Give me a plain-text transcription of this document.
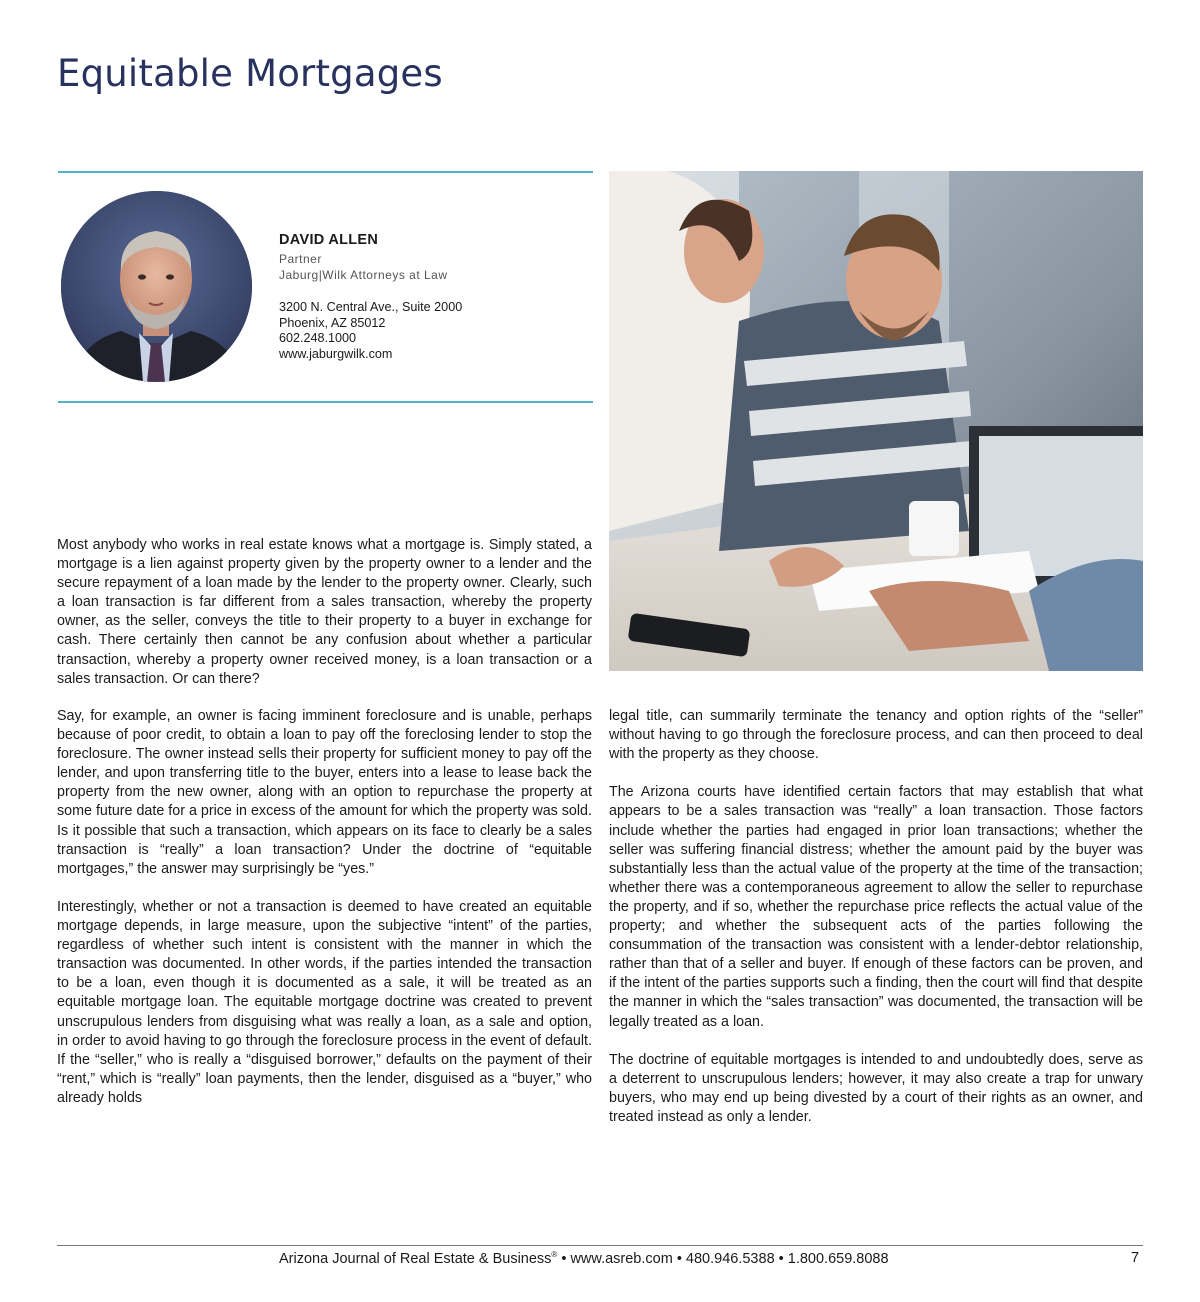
Equitable Mortgages
DAVID ALLEN
Partner
Jaburg|Wilk Attorneys at Law
3200 N. Central Ave., Suite 2000
Phoenix, AZ 85012
602.248.1000
www.jaburgwilk.com

Most anybody who works in real estate knows what a mortgage is. Simply stated, a mortgage is a lien against property given by the property owner to a lender and the secure repayment of a loan made by the lender to the property owner. Clearly, such a loan transaction is far different from a sales transaction, whereby the property owner, as the seller, conveys the title to their property to a buyer in exchange for cash. There certainly then cannot be any confusion about whether a particular transaction, whereby a property owner received money, is a loan transaction or a sales transaction. Or can there?

Say, for example, an owner is facing imminent foreclosure and is unable, perhaps because of poor credit, to obtain a loan to pay off the foreclosing lender to stop the foreclosure. The owner instead sells their property for sufficient money to pay off the lender, and upon transferring title to the buyer, enters into a lease to lease back the property from the new owner, along with an option to repurchase the property at some future date for a price in excess of the amount for which the property was sold. Is it possible that such a transaction, which appears on its face to clearly be a sales transaction is “really” a loan transaction? Under the doctrine of “equitable mortgages,” the answer may surprisingly be “yes.”

Interestingly, whether or not a transaction is deemed to have created an equitable mortgage depends, in large measure, upon the subjective “intent” of the parties, regardless of whether such intent is consistent with the manner in which the transaction was documented. In other words, if the parties intended the transaction to be a loan, even though it is documented as a sale, it will be treated as an equitable mortgage loan. The equitable mortgage doctrine was created to prevent unscrupulous lenders from disguising what was really a loan, as a sale and option, in order to avoid having to go through the foreclosure process in the event of default. If the “seller,” who is really a “disguised borrower,” defaults on the payment of their “rent,” which is “really” loan payments, then the lender, disguised as a “buyer,” who already holds

legal title, can summarily terminate the tenancy and option rights of the “seller” without having to go through the foreclosure process, and can then proceed to deal with the property as they choose.

The Arizona courts have identified certain factors that may establish that what appears to be a sales transaction was “really” a loan transaction. Those factors include whether the parties had engaged in prior loan transactions; whether the seller was suffering financial distress; whether the amount paid by the buyer was substantially less than the actual value of the property at the time of the transaction; whether there was a contemporaneous agreement to allow the seller to repurchase the property, and if so, whether the repurchase price reflects the actual value of the property; and whether the subsequent acts of the parties following the consummation of the transaction was consistent with a lender-debtor relationship, rather than that of a seller and buyer. If enough of these factors can be proven, and if the intent of the parties supports such a finding, then the court will find that despite the manner in which the “sales transaction” was documented, the transaction will be legally treated as a loan.

The doctrine of equitable mortgages is intended to and undoubtedly does, serve as a deterrent to unscrupulous lenders; however, it may also create a trap for unwary buyers, who may end up being divested by a court of their rights as an owner, and treated instead as only a lender.

Arizona Journal of Real Estate & Business® • www.asreb.com • 480.946.5388 • 1.800.659.8088	7
